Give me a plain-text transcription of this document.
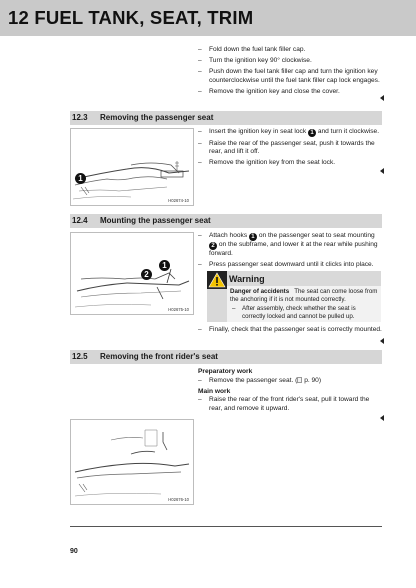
12 FUEL TANK, SEAT, TRIM
– Fold down the fuel tank filler cap.
– Turn the ignition key 90° clockwise.
– Push down the fuel tank filler cap and turn the ignition key counterclockwise until the fuel tank filler cap lock engages.
– Remove the ignition key and close the cover.
12.3 Removing the passenger seat
1
H02674-10
– Insert the ignition key in seat lock 1 and turn it clockwise.
– Raise the rear of the passenger seat, push it towards the rear, and lift it off.
– Remove the ignition key from the seat lock.
12.4 Mounting the passenger seat
2
1
H02675-10
– Attach hooks 1 on the passenger seat to seat mounting 2 on the subframe, and lower it at the rear while pushing forward.
– Press passenger seat downward until it clicks into place.
Warning
Danger of accidents The seat can come loose from the anchoring if it is not mounted correctly.
– After assembly, check whether the seat is correctly locked and cannot be pulled up.
– Finally, check that the passenger seat is correctly mounted.
12.5 Removing the front rider's seat
Preparatory work
– Remove the passenger seat. ( p. 90)
Main work
– Raise the rear of the front rider's seat, pull it toward the rear, and remove it upward.
H02676-10
90
